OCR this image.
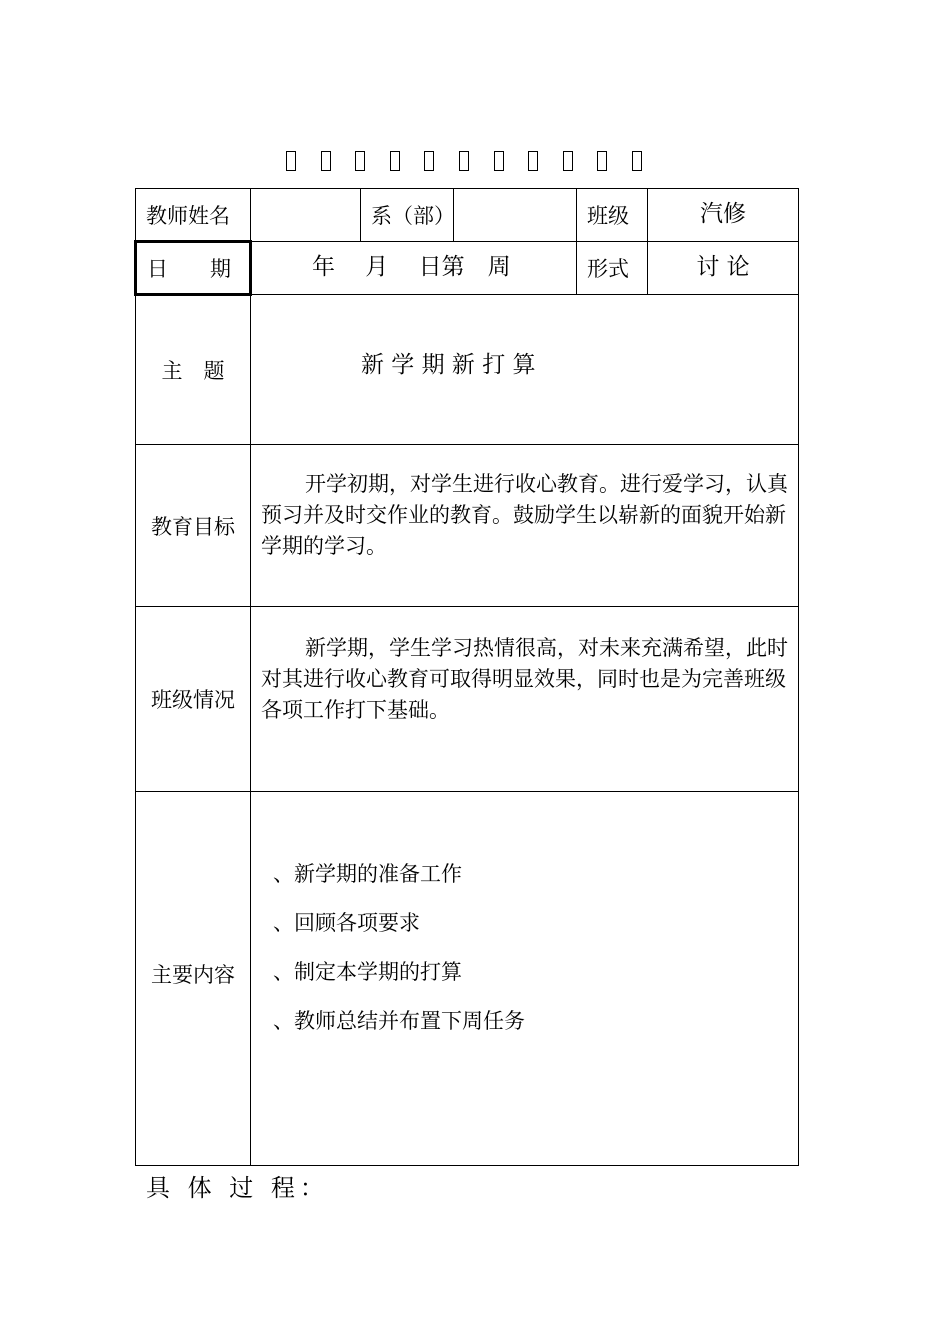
教师姓名		系（部）		班级	汽修
日　　期	年　 月　 日第　周			形式	讨 论
主　题	新 学 期 新 打 算				
教育目标	开学初期，对学生进行收心教育。进行爱学习，认真预习并及时交作业的教育。鼓励学生以崭新的面貌开始新学期的学习。				
班级情况	新学期，学生学习热情很高，对未来充满希望，此时对其进行收心教育可取得明显效果，同时也是为完善班级各项工作打下基础。				
主要内容	、新学期的准备工作
、回顾各项要求
、制定本学期的打算
、教师总结并布置下周任务				
具 体 过 程：
